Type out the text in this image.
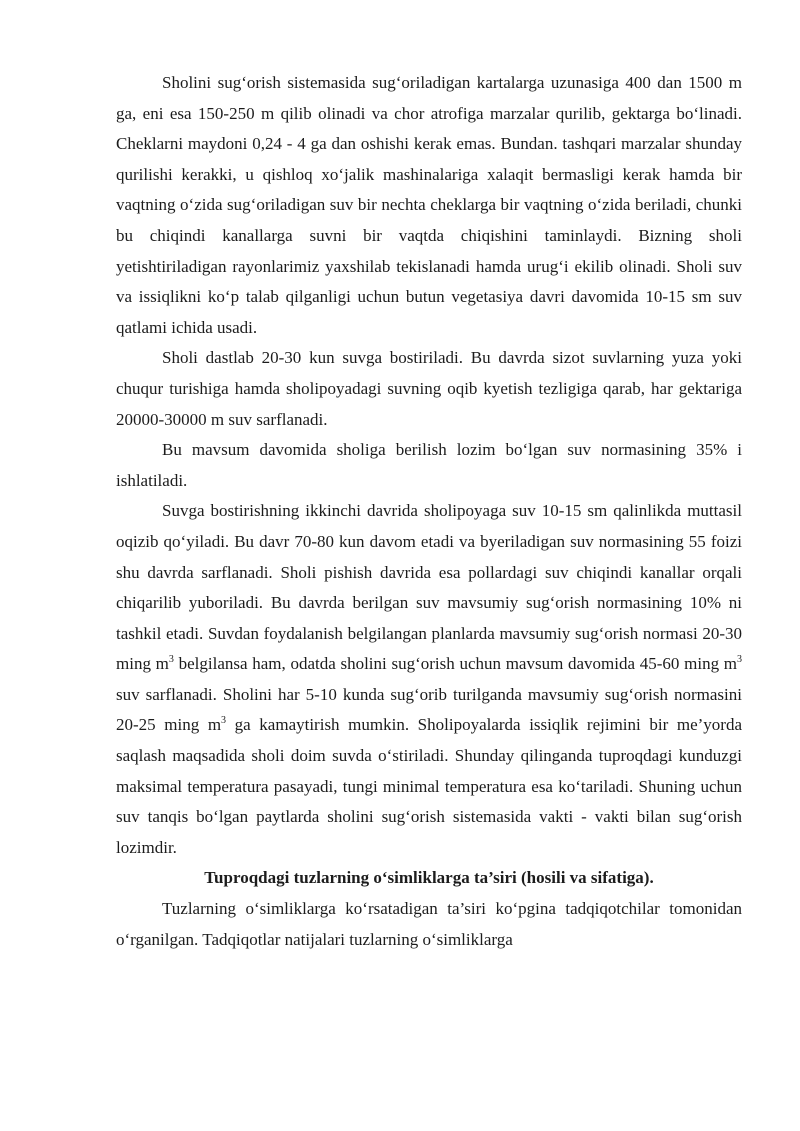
Sholini sug‘orish sistemasida sug‘oriladigan kartalarga uzunasiga 400 dan 1500 m ga, eni esa 150-250 m qilib olinadi va chor atrofiga marzalar qurilib, gektarga bo‘linadi. Cheklarni maydoni 0,24 - 4 ga dan oshishi kerak emas. Bundan. tashqari marzalar shunday qurilishi kerakki, u qishloq xo‘jalik mashinalariga xalaqit bermasligi kerak hamda bir vaqtning o‘zida sug‘oriladigan suv bir nechta cheklarga bir vaqtning o‘zida beriladi, chunki bu chiqindi kanallarga suvni bir vaqtda chiqishini taminlaydi. Bizning sholi yetishtiriladigan rayonlarimiz yaxshilab tekislanadi hamda urug‘i ekilib olinadi. Sholi suv va issiqlikni ko‘p talab qilganligi uchun butun vegetasiya davri davomida 10-15 sm suv qatlami ichida usadi.

Sholi dastlab 20-30 kun suvga bostiriladi. Bu davrda sizot suvlarning yuza yoki chuqur turishiga hamda sholipoyadagi suvning oqib kyetish tezligiga qarab, har gektariga 20000-30000 m suv sarflanadi.

Bu mavsum davomida sholiga berilish lozim bo‘lgan suv normasining 35% i ishlatiladi.

Suvga bostirishning ikkinchi davrida sholipoyaga suv 10-15 sm qalinlikda muttasil oqizib qo‘yiladi. Bu davr 70-80 kun davom etadi va byeriladigan suv normasining 55 foizi shu davrda sarflanadi. Sholi pishish davrida esa pollardagi suv chiqindi kanallar orqali chiqarilib yuboriladi. Bu davrda berilgan suv mavsumiy sug‘orish normasining 10% ni tashkil etadi. Suvdan foydalanish belgilangan planlarda mavsumiy sug‘orish normasi 20-30 ming $m^3$ belgilansa ham, odatda sholini sug‘orish uchun mavsum davomida 45-60 ming $m^3$ suv sarflanadi. Sholini har 5-10 kunda sug‘orib turilganda mavsumiy sug‘orish normasini 20-25 ming $m^3$ ga kamaytirish mumkin. Sholipoyalarda issiqlik rejimini bir me’yorda saqlash maqsadida sholi doim suvda o‘stiriladi. Shunday qilinganda tuproqdagi kunduzgi maksimal temperatura pasayadi, tungi minimal temperatura esa ko‘tariladi. Shuning uchun suv tanqis bo‘lgan paytlarda sholini sug‘orish sistemasida vakti - vakti bilan sug‘orish lozimdir.

Tuproqdagi tuzlarning o‘simliklarga ta’siri (hosili va sifatiga).

Tuzlarning o‘simliklarga ko‘rsatadigan ta’siri ko‘pgina tadqiqotchilar tomonidan o‘rganilgan. Tadqiqotlar natijalari tuzlarning o‘simliklarga
